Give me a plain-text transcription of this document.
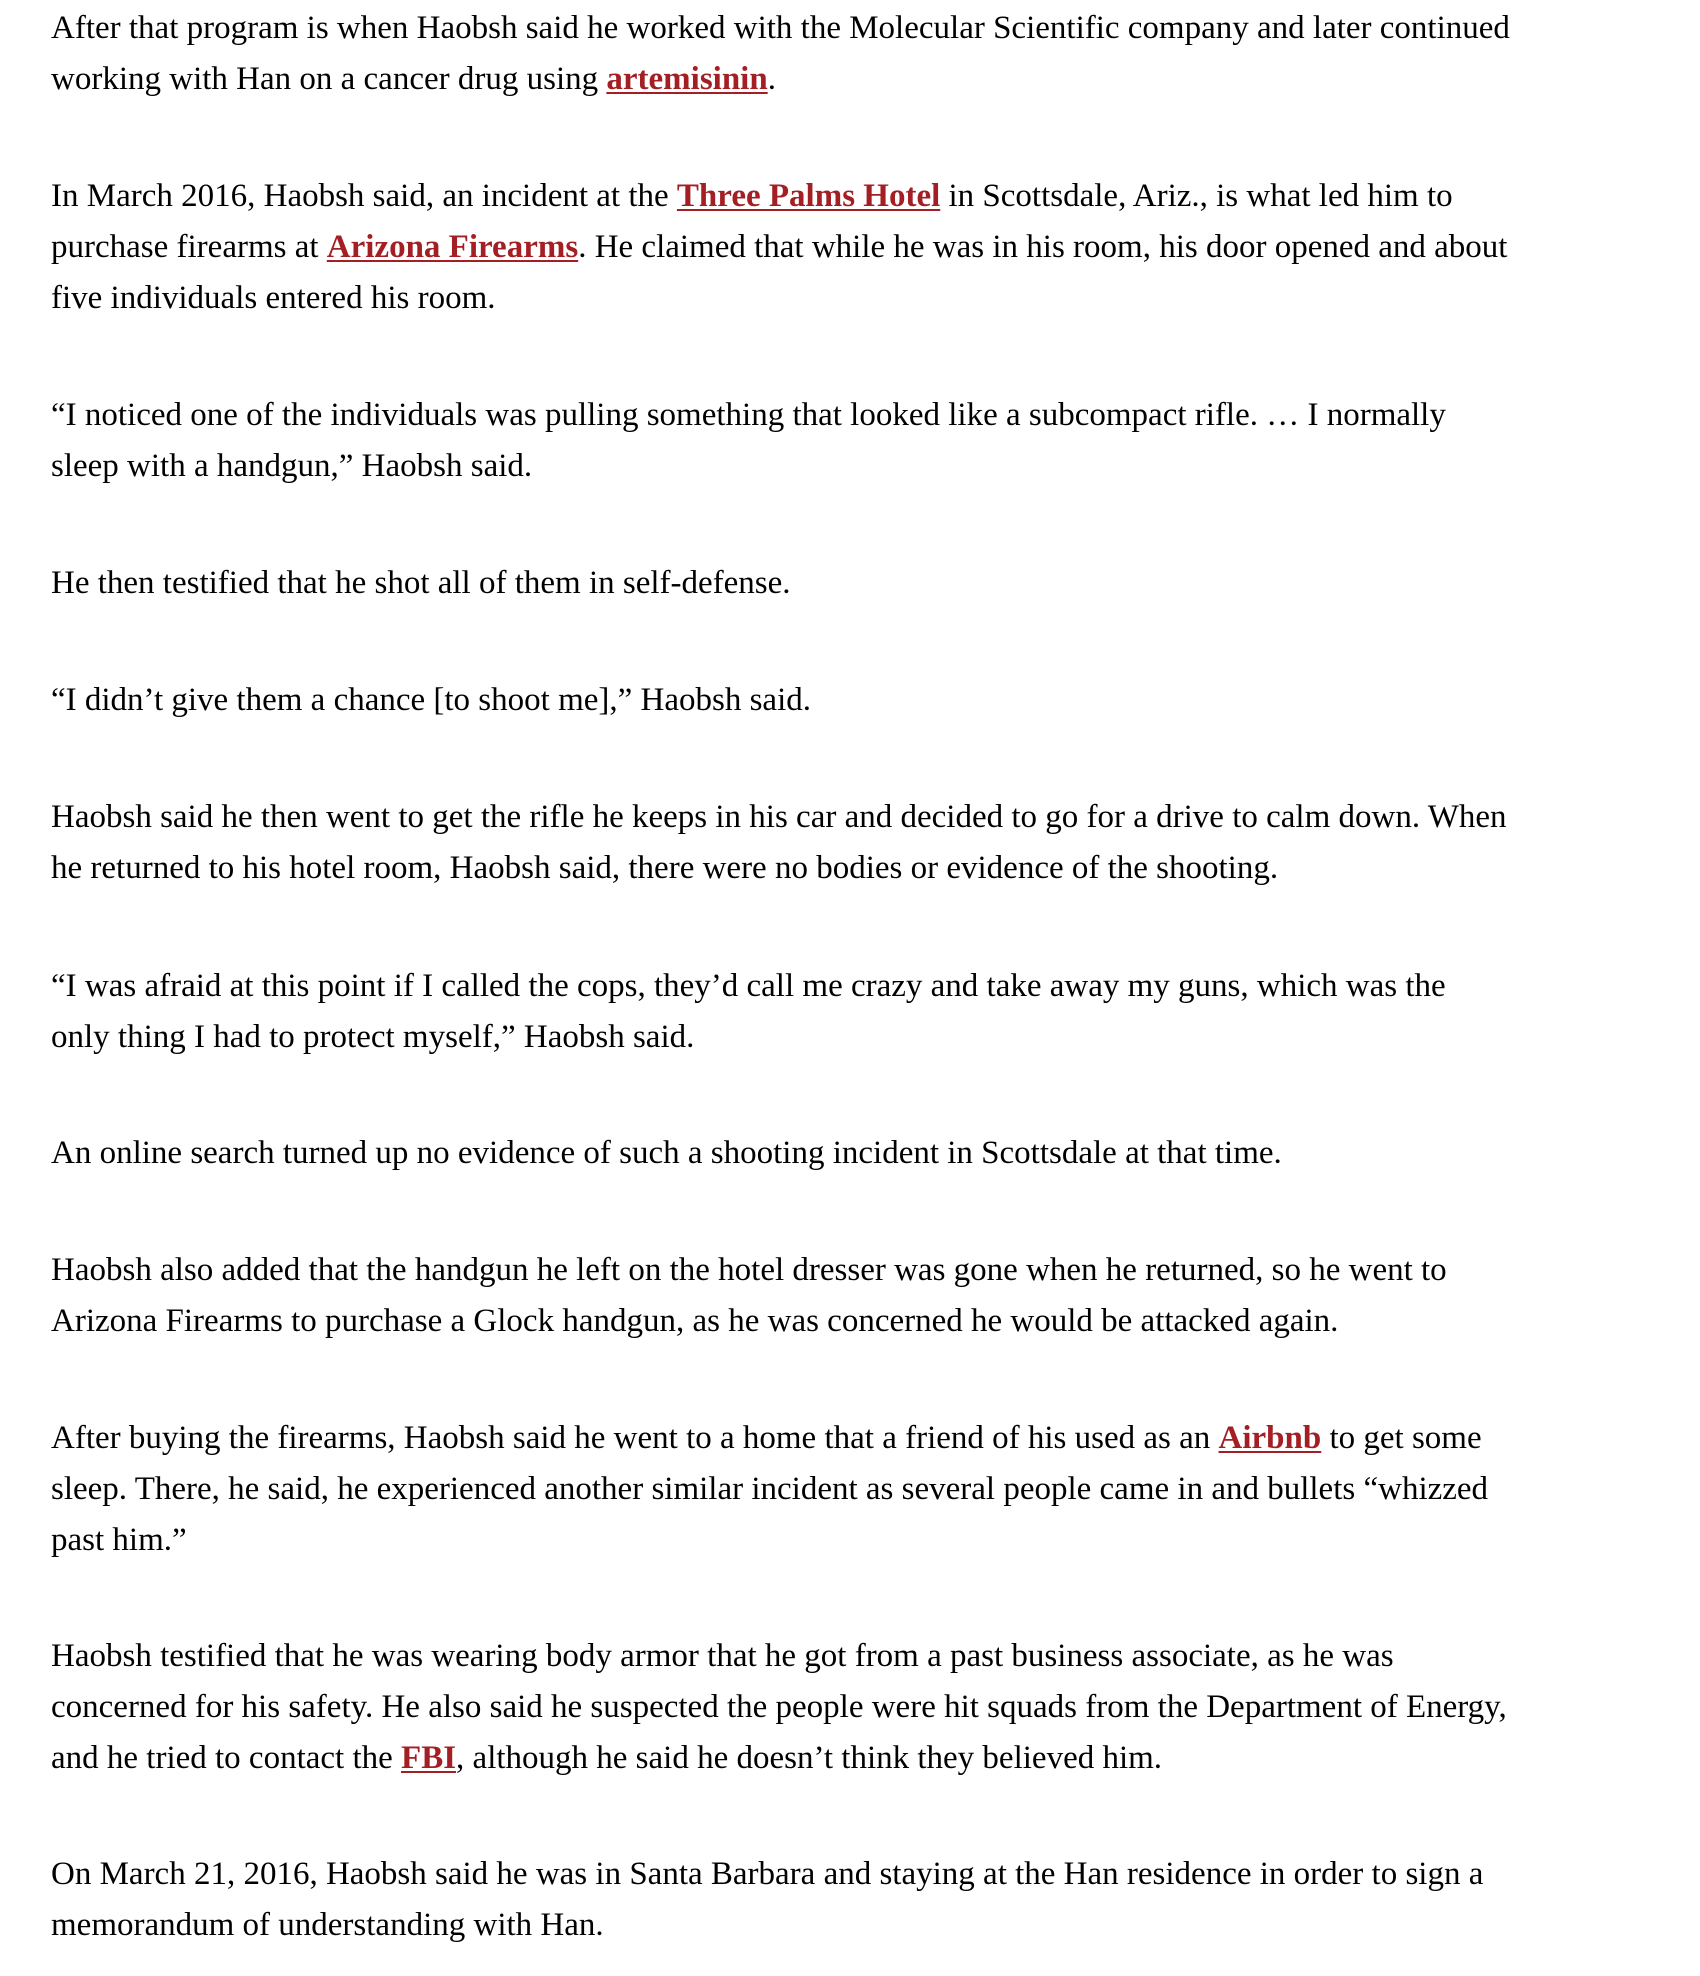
After that program is when Haobsh said he worked with the Molecular Scientific company and later continued
working with Han on a cancer drug using artemisinin.

In March 2016, Haobsh said, an incident at the Three Palms Hotel in Scottsdale, Ariz., is what led him to
purchase firearms at Arizona Firearms. He claimed that while he was in his room, his door opened and about
five individuals entered his room.

“I noticed one of the individuals was pulling something that looked like a subcompact rifle. … I normally
sleep with a handgun,” Haobsh said.

He then testified that he shot all of them in self-defense.

“I didn’t give them a chance [to shoot me],” Haobsh said.

Haobsh said he then went to get the rifle he keeps in his car and decided to go for a drive to calm down. When
he returned to his hotel room, Haobsh said, there were no bodies or evidence of the shooting.

“I was afraid at this point if I called the cops, they’d call me crazy and take away my guns, which was the
only thing I had to protect myself,” Haobsh said.

An online search turned up no evidence of such a shooting incident in Scottsdale at that time.

Haobsh also added that the handgun he left on the hotel dresser was gone when he returned, so he went to
Arizona Firearms to purchase a Glock handgun, as he was concerned he would be attacked again.

After buying the firearms, Haobsh said he went to a home that a friend of his used as an Airbnb to get some
sleep. There, he said, he experienced another similar incident as several people came in and bullets “whizzed
past him.”

Haobsh testified that he was wearing body armor that he got from a past business associate, as he was
concerned for his safety. He also said he suspected the people were hit squads from the Department of Energy,
and he tried to contact the FBI, although he said he doesn’t think they believed him.

On March 21, 2016, Haobsh said he was in Santa Barbara and staying at the Han residence in order to sign a
memorandum of understanding with Han.
